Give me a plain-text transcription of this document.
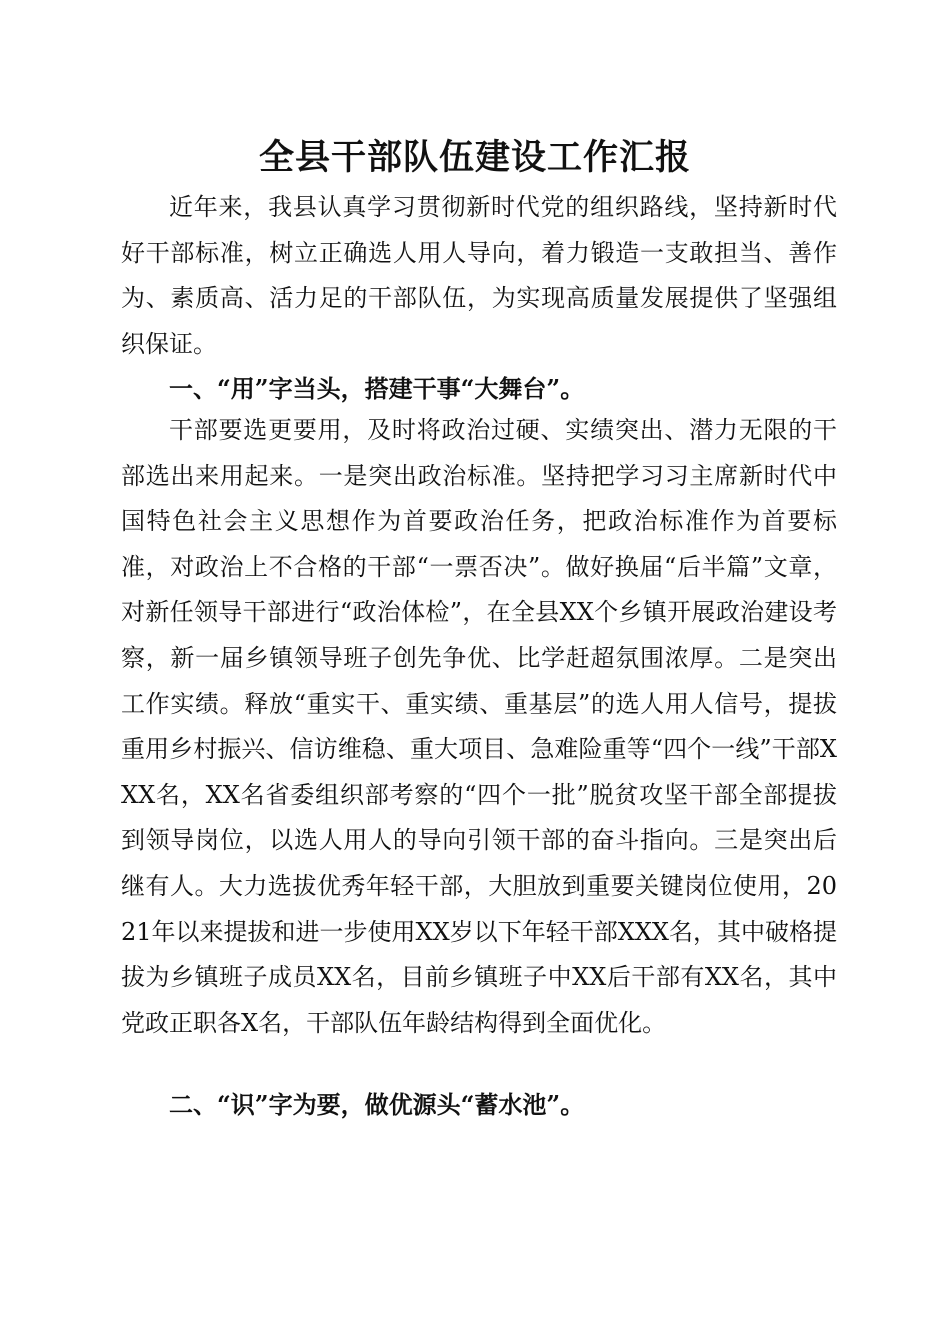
全县干部队伍建设工作汇报

近年来，我县认真学习贯彻新时代党的组织路线，坚持新时代好干部标准，树立正确选人用人导向，着力锻造一支敢担当、善作为、素质高、活力足的干部队伍，为实现高质量发展提供了坚强组织保证。

一、“用”字当头，搭建干事“大舞台”。

干部要选更要用，及时将政治过硬、实绩突出、潜力无限的干部选出来用起来。一是突出政治标准。坚持把学习习主席新时代中国特色社会主义思想作为首要政治任务，把政治标准作为首要标准，对政治上不合格的干部“一票否决”。做好换届“后半篇”文章，对新任领导干部进行“政治体检”，在全县XX个乡镇开展政治建设考察，新一届乡镇领导班子创先争优、比学赶超氛围浓厚。二是突出工作实绩。释放“重实干、重实绩、重基层”的选人用人信号，提拔重用乡村振兴、信访维稳、重大项目、急难险重等“四个一线”干部XXX名，XX名省委组织部考察的“四个一批”脱贫攻坚干部全部提拔到领导岗位，以选人用人的导向引领干部的奋斗指向。三是突出后继有人。大力选拔优秀年轻干部，大胆放到重要关键岗位使用，2021年以来提拔和进一步使用XX岁以下年轻干部XXX名，其中破格提拔为乡镇班子成员XX名，目前乡镇班子中XX后干部有XX名，其中党政正职各X名，干部队伍年龄结构得到全面优化。

二、“识”字为要，做优源头“蓄水池”。
